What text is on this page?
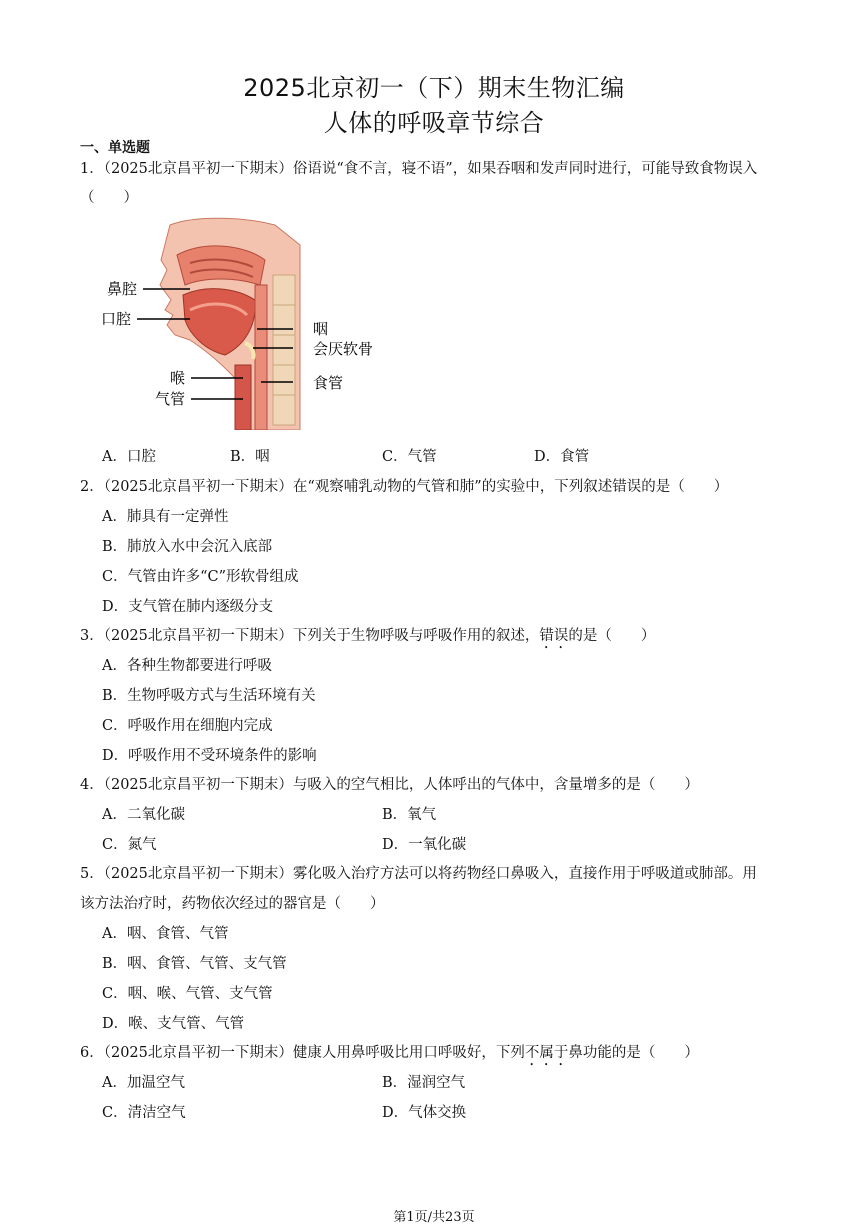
2025北京初一（下）期末生物汇编
人体的呼吸章节综合
一、单选题
1．（2025北京昌平初一下期末）俗语说“食不言，寝不语”，如果吞咽和发声同时进行，可能导致食物误入
（　　）
鼻腔
口腔
咽
会厌软骨
喉	食管
气管
A．口腔	B．咽	C．气管	D．食管
2．（2025北京昌平初一下期末）在“观察哺乳动物的气管和肺”的实验中，下列叙述错误的是（　　）
A．肺具有一定弹性
B．肺放入水中会沉入底部
C．气管由许多“C”形软骨组成
D．支气管在肺内逐级分支
3．（2025北京昌平初一下期末）下列关于生物呼吸与呼吸作用的叙述，错误的是（　　）
A．各种生物都要进行呼吸
B．生物呼吸方式与生活环境有关
C．呼吸作用在细胞内完成
D．呼吸作用不受环境条件的影响
4．（2025北京昌平初一下期末）与吸入的空气相比，人体呼出的气体中，含量增多的是（　　）
A．二氧化碳	B．氧气
C．氮气	D．一氧化碳
5．（2025北京昌平初一下期末）雾化吸入治疗方法可以将药物经口鼻吸入，直接作用于呼吸道或肺部。用
该方法治疗时，药物依次经过的器官是（　　）
A．咽、食管、气管
B．咽、食管、气管、支气管
C．咽、喉、气管、支气管
D．喉、支气管、气管
6．（2025北京昌平初一下期末）健康人用鼻呼吸比用口呼吸好，下列不属于鼻功能的是（　　）
A．加温空气	B．湿润空气
C．清洁空气	D．气体交换
第1页/共23页
